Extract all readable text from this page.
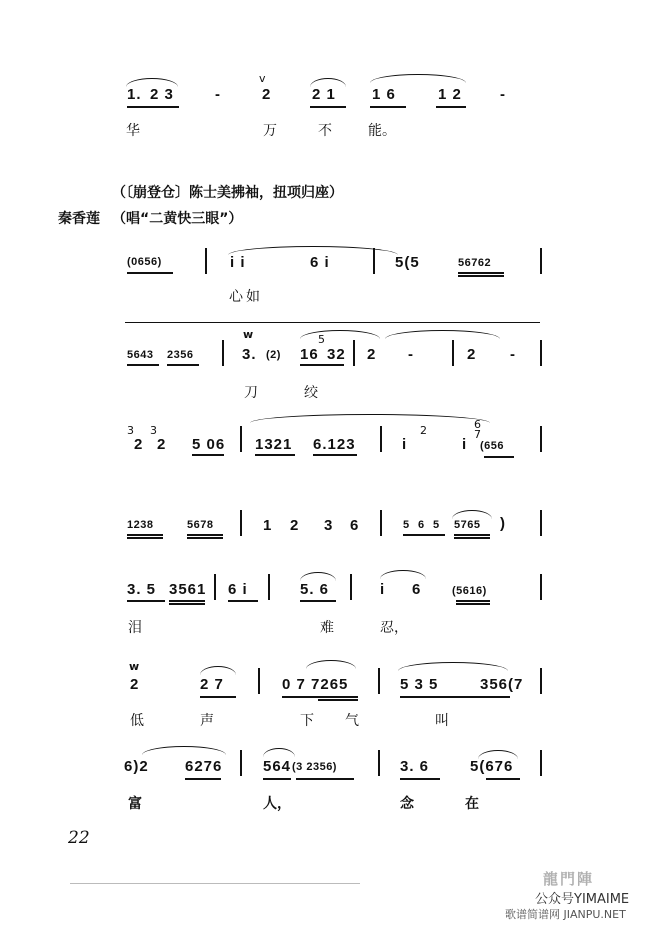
1. 2 3	-
v
2	2 1 1 6	1 2	-
华	万	不	能。
（〔崩登仓〕陈士美拂袖，扭项归座）
秦香莲 （唱“二黄快三眼”）
(0656)	i i	6 i	5(5	56762
心 如
5643 2356
w
3. (2) 16
5
32 2 -	2 -
刀	绞
3
2
3
2 5 06 1321 6.123	i
2
i
6
7
(656
1238	5678	1 2 3 6	5 6 5 5765 )
3. 5 3561 6 i	5. 6	i 6	(5616)
泪	难	忍，
w
2	2 7	0 7 7265	5 3 5	356(7
低	声	下 气	叫
6)2 6276	564 (3 2356)	3. 6	5(676
富	人，	念	在
22
龍門陣
公众号YIMAIME
歌谱简谱网 JIANPU.NET
